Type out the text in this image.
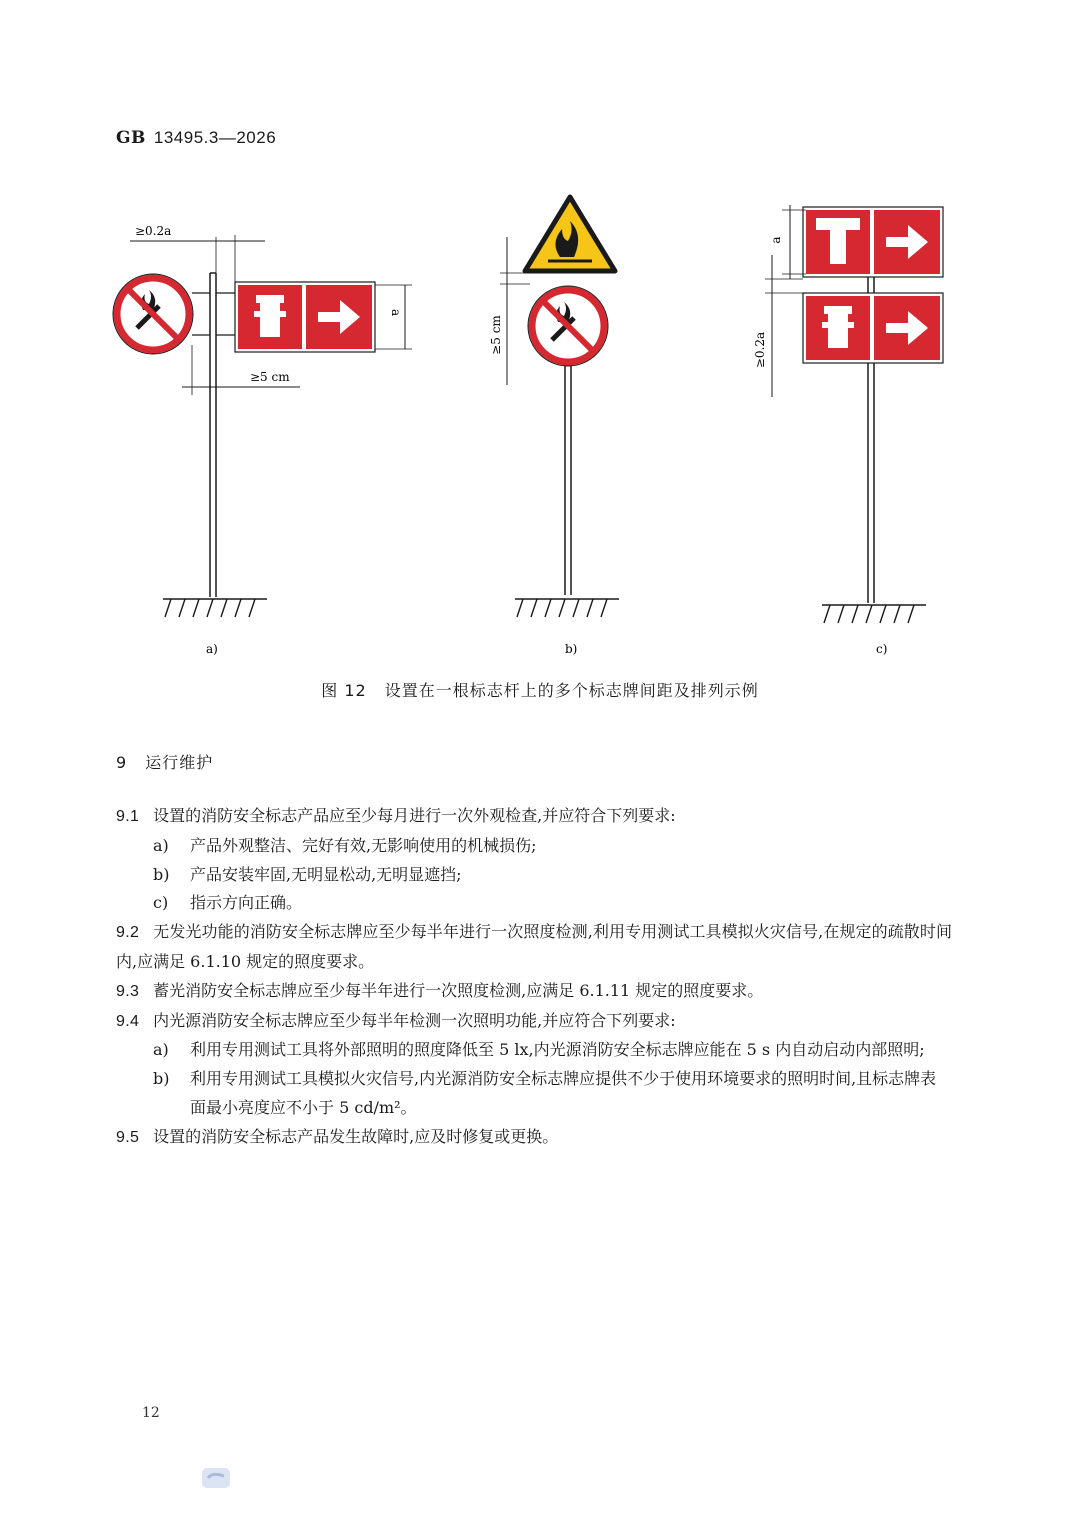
GB 13495.3—2026
≥0.2a
a
≥5 cm
a)
≥5 cm
b)
a
≥0.2a
c)
图 12 设置在一根标志杆上的多个标志牌间距及排列示例
9 运行维护

9.1 设置的消防安全标志产品应至少每月进行一次外观检查,并应符合下列要求:

a) 产品外观整洁、完好有效,无影响使用的机械损伤;

b) 产品安装牢固,无明显松动,无明显遮挡;

c) 指示方向正确。

9.2 无发光功能的消防安全标志牌应至少每半年进行一次照度检测,利用专用测试工具模拟火灾信号,在规定的疏散时间内,应满足 6.1.10 规定的照度要求。

9.3 蓄光消防安全标志牌应至少每半年进行一次照度检测,应满足 6.1.11 规定的照度要求。

9.4 内光源消防安全标志牌应至少每半年检测一次照明功能,并应符合下列要求:

a) 利用专用测试工具将外部照明的照度降低至 5 lx,内光源消防安全标志牌应能在 5 s 内自动启动内部照明;

b) 利用专用测试工具模拟火灾信号,内光源消防安全标志牌应提供不少于使用环境要求的照明时间,且标志牌表面最小亮度应不小于 5 cd/m²。

9.5 设置的消防安全标志产品发生故障时,应及时修复或更换。

12
